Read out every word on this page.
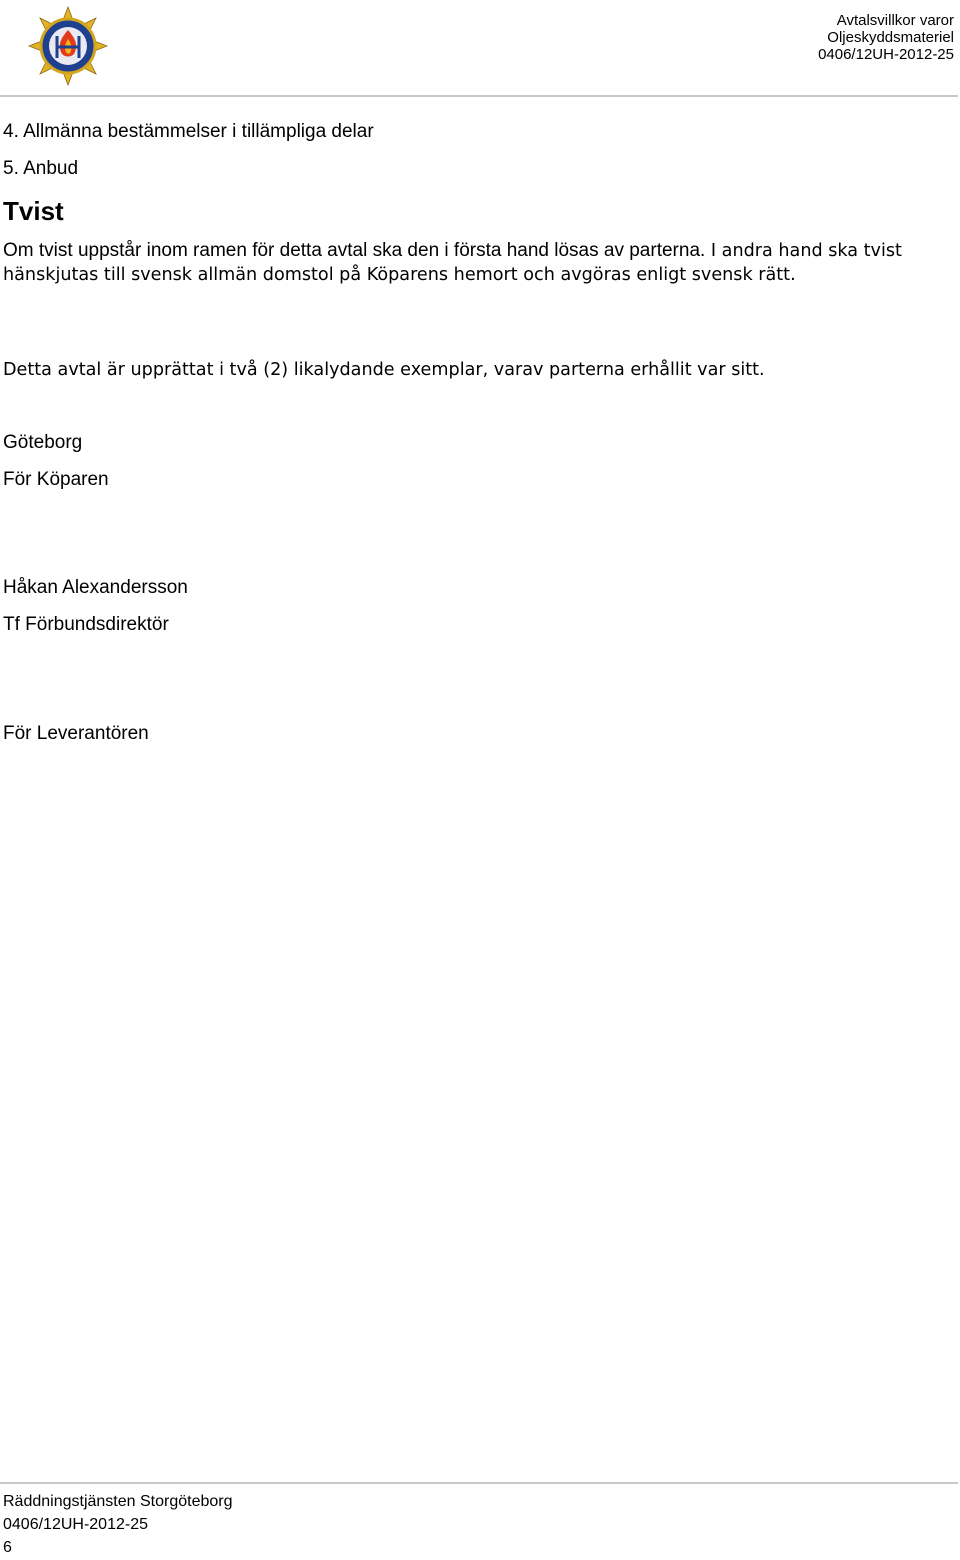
Avtalsvillkor varor
Oljeskyddsmateriel
0406/12UH-2012-25
4. Allmänna bestämmelser i tillämpliga delar
5. Anbud
Tvist
Om tvist uppstår inom ramen för detta avtal ska den i första hand lösas av parterna. I andra hand ska tvist hänskjutas till svensk allmän domstol på Köparens hemort och avgöras enligt svensk rätt.
Detta avtal är upprättat i två (2) likalydande exemplar, varav parterna erhållit var sitt.
Göteborg
För Köparen
Håkan Alexandersson
Tf Förbundsdirektör
För Leverantören
Räddningstjänsten Storgöteborg
0406/12UH-2012-25
6
